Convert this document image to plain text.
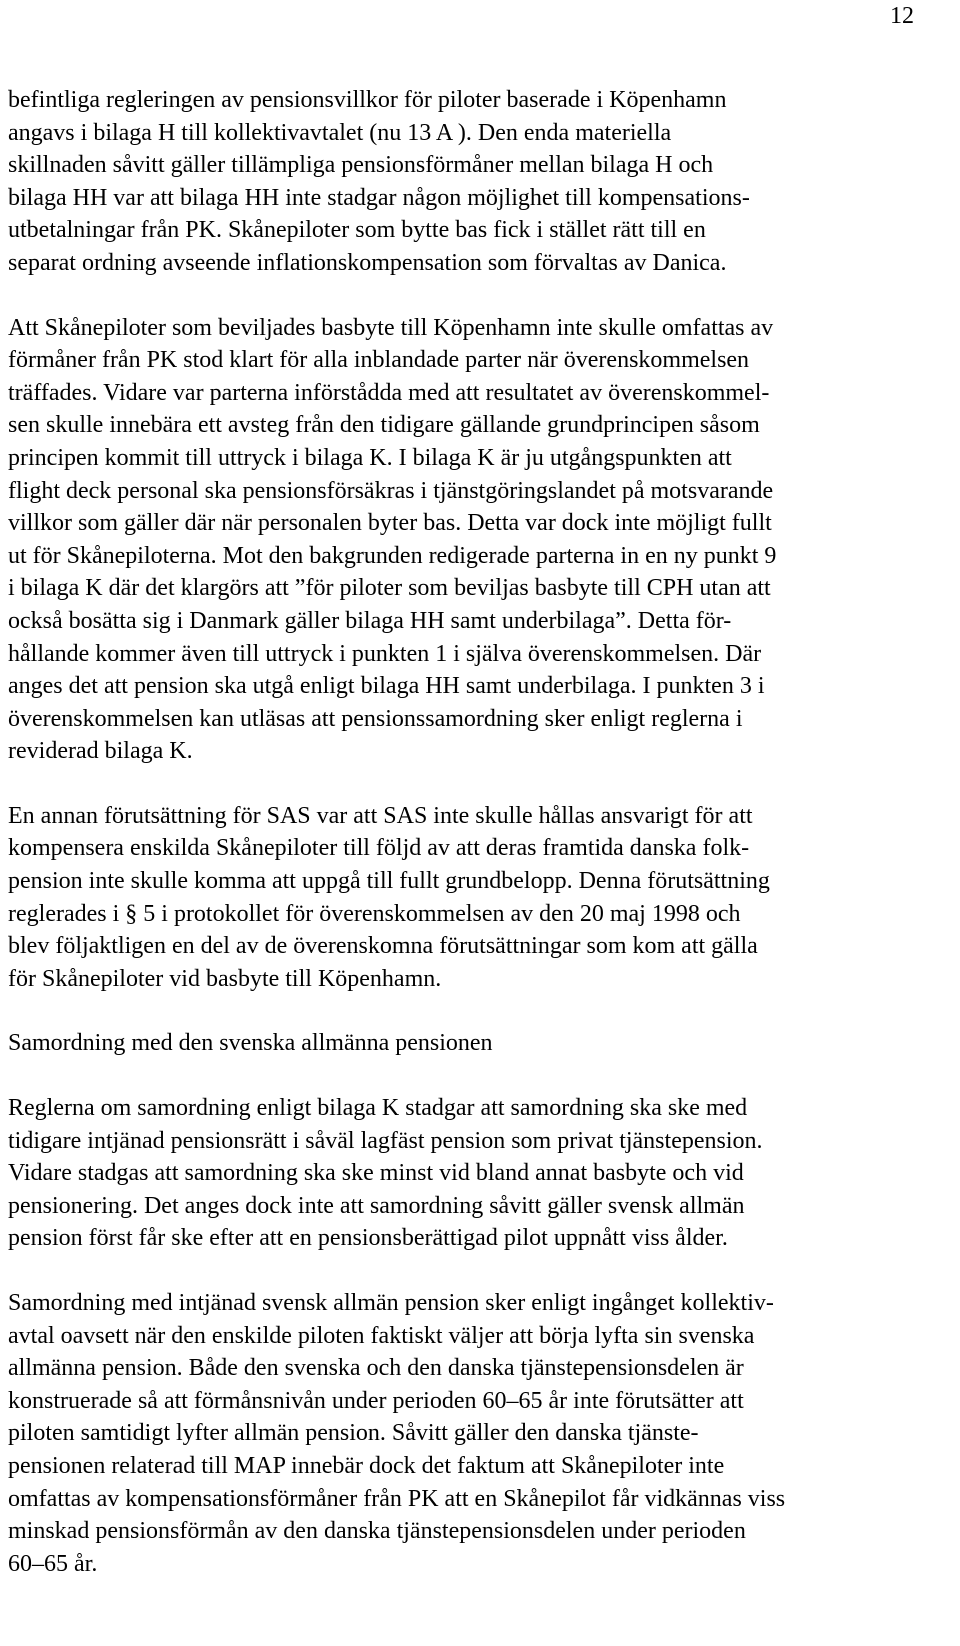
12

befintliga regleringen av pensionsvillkor för piloter baserade i Köpenhamn
angavs i bilaga H till kollektivavtalet (nu 13 A ). Den enda materiella
skillnaden såvitt gäller tillämpliga pensionsförmåner mellan bilaga H och
bilaga HH var att bilaga HH inte stadgar någon möjlighet till kompensations-
utbetalningar från PK. Skånepiloter som bytte bas fick i stället rätt till en
separat ordning avseende inflationskompensation som förvaltas av Danica.

Att Skånepiloter som beviljades basbyte till Köpenhamn inte skulle omfattas av
förmåner från PK stod klart för alla inblandade parter när överenskommelsen
träffades. Vidare var parterna införstådda med att resultatet av överenskommel-
sen skulle innebära ett avsteg från den tidigare gällande grundprincipen såsom
principen kommit till uttryck i bilaga K. I bilaga K är ju utgångspunkten att
flight deck personal ska pensionsförsäkras i tjänstgöringslandet på motsvarande
villkor som gäller där när personalen byter bas. Detta var dock inte möjligt fullt
ut för Skånepiloterna. Mot den bakgrunden redigerade parterna in en ny punkt 9
i bilaga K där det klargörs att ”för piloter som beviljas basbyte till CPH utan att
också bosätta sig i Danmark gäller bilaga HH samt underbilaga”. Detta för-
hållande kommer även till uttryck i punkten 1 i själva överenskommelsen. Där
anges det att pension ska utgå enligt bilaga HH samt underbilaga. I punkten 3 i
överenskommelsen kan utläsas att pensionssamordning sker enligt reglerna i
reviderad bilaga K.

En annan förutsättning för SAS var att SAS inte skulle hållas ansvarigt för att
kompensera enskilda Skånepiloter till följd av att deras framtida danska folk-
pension inte skulle komma att uppgå till fullt grundbelopp. Denna förutsättning
reglerades i § 5 i protokollet för överenskommelsen av den 20 maj 1998 och
blev följaktligen en del av de överenskomna förutsättningar som kom att gälla
för Skånepiloter vid basbyte till Köpenhamn.

Samordning med den svenska allmänna pensionen

Reglerna om samordning enligt bilaga K stadgar att samordning ska ske med
tidigare intjänad pensionsrätt i såväl lagfäst pension som privat tjänstepension.
Vidare stadgas att samordning ska ske minst vid bland annat basbyte och vid
pensionering. Det anges dock inte att samordning såvitt gäller svensk allmän
pension först får ske efter att en pensionsberättigad pilot uppnått viss ålder.

Samordning med intjänad svensk allmän pension sker enligt ingånget kollektiv-
avtal oavsett när den enskilde piloten faktiskt väljer att börja lyfta sin svenska
allmänna pension. Både den svenska och den danska tjänstepensionsdelen är
konstruerade så att förmånsnivån under perioden 60–65 år inte förutsätter att
piloten samtidigt lyfter allmän pension. Såvitt gäller den danska tjänste-
pensionen relaterad till MAP innebär dock det faktum att Skånepiloter inte
omfattas av kompensationsförmåner från PK att en Skånepilot får vidkännas viss
minskad pensionsförmån av den danska tjänstepensionsdelen under perioden
60–65 år.
